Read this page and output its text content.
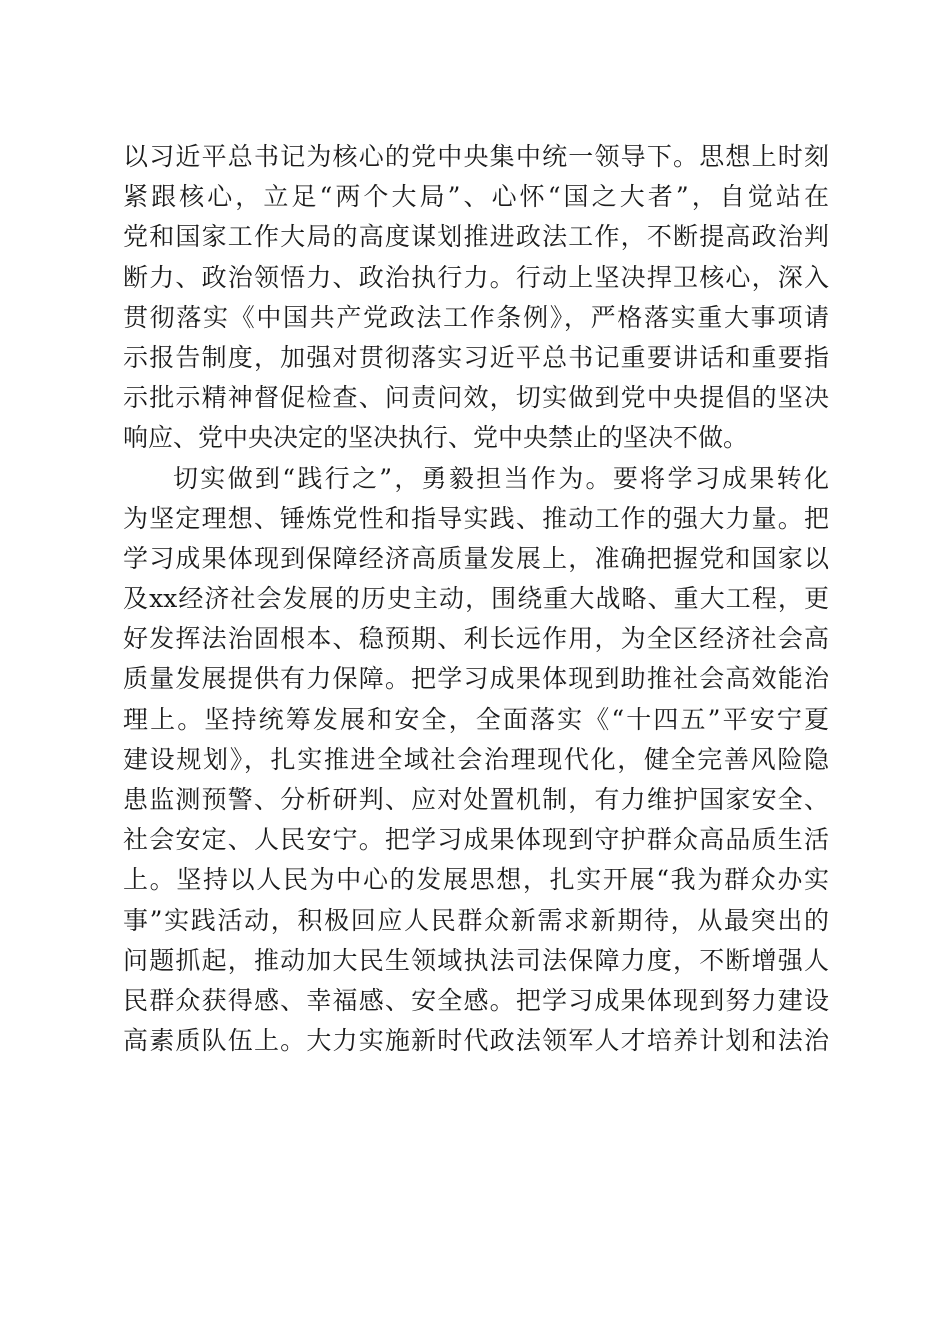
以习近平总书记为核心的党中央集中统一领导下。思想上时刻
紧跟核心，立足“两个大局”、心怀“国之大者”，自觉站在
党和国家工作大局的高度谋划推进政法工作，不断提高政治判
断力、政治领悟力、政治执行力。行动上坚决捍卫核心，深入
贯彻落实《中国共产党政法工作条例》，严格落实重大事项请
示报告制度，加强对贯彻落实习近平总书记重要讲话和重要指
示批示精神督促检查、问责问效，切实做到党中央提倡的坚决
响应、党中央决定的坚决执行、党中央禁止的坚决不做。
切实做到“践行之”，勇毅担当作为。要将学习成果转化
为坚定理想、锤炼党性和指导实践、推动工作的强大力量。把
学习成果体现到保障经济高质量发展上，准确把握党和国家以
及xx经济社会发展的历史主动，围绕重大战略、重大工程，更
好发挥法治固根本、稳预期、利长远作用，为全区经济社会高
质量发展提供有力保障。把学习成果体现到助推社会高效能治
理上。坚持统筹发展和安全，全面落实《“十四五”平安宁夏
建设规划》，扎实推进全域社会治理现代化，健全完善风险隐
患监测预警、分析研判、应对处置机制，有力维护国家安全、
社会安定、人民安宁。把学习成果体现到守护群众高品质生活
上。坚持以人民为中心的发展思想，扎实开展“我为群众办实
事”实践活动，积极回应人民群众新需求新期待，从最突出的
问题抓起，推动加大民生领域执法司法保障力度，不断增强人
民群众获得感、幸福感、安全感。把学习成果体现到努力建设
高素质队伍上。大力实施新时代政法领军人才培养计划和法治
